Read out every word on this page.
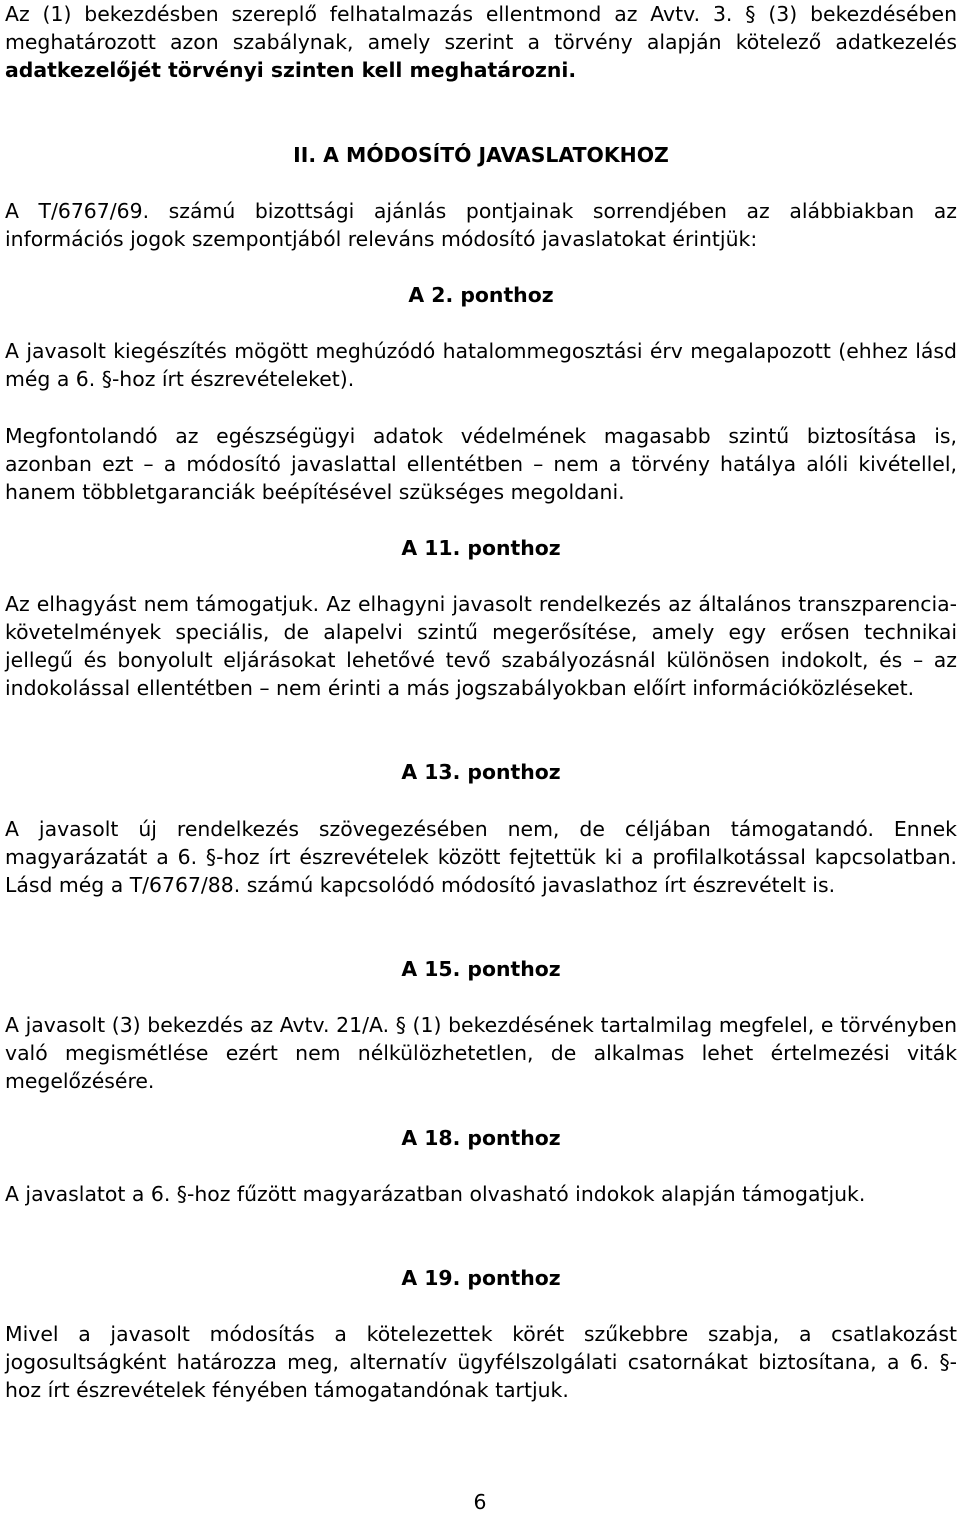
Az (1) bekezdésben szereplő felhatalmazás ellentmond az Avtv. 3. § (3) bekezdésében meghatározott azon szabálynak, amely szerint a törvény alapján kötelező adatkezelés adatkezelőjét törvényi szinten kell meghatározni.

II. A MÓDOSÍTÓ JAVASLATOKHOZ

A T/6767/69. számú bizottsági ajánlás pontjainak sorrendjében az alábbiakban az információs jogok szempontjából releváns módosító javaslatokat érintjük:

A 2. ponthoz

A javasolt kiegészítés mögött meghúzódó hatalommegosztási érv megalapozott (ehhez lásd még a 6. §-hoz írt észrevételeket).

Megfontolandó az egészségügyi adatok védelmének magasabb szintű biztosítása is, azonban ezt – a módosító javaslattal ellentétben – nem a törvény hatálya alóli kivétellel, hanem többletgaranciák beépítésével szükséges megoldani.

A 11. ponthoz

Az elhagyást nem támogatjuk. Az elhagyni javasolt rendelkezés az általános transzparencia-követelmények speciális, de alapelvi szintű megerősítése, amely egy erősen technikai jellegű és bonyolult eljárásokat lehetővé tevő szabályozásnál különösen indokolt, és – az indokolással ellentétben – nem érinti a más jogszabályokban előírt információközléseket.

A 13. ponthoz

A javasolt új rendelkezés szövegezésében nem, de céljában támogatandó. Ennek magyarázatát a 6. §-hoz írt észrevételek között fejtettük ki a profilalkotással kapcsolatban. Lásd még a T/6767/88. számú kapcsolódó módosító javaslathoz írt észrevételt is.

A 15. ponthoz

A javasolt (3) bekezdés az Avtv. 21/A. § (1) bekezdésének tartalmilag megfelel, e törvényben való megismétlése ezért nem nélkülözhetetlen, de alkalmas lehet értelmezési viták megelőzésére.

A 18. ponthoz

A javaslatot a 6. §-hoz fűzött magyarázatban olvasható indokok alapján támogatjuk.

A 19. ponthoz

Mivel a javasolt módosítás a kötelezettek körét szűkebbre szabja, a csatlakozást jogosultságként határozza meg, alternatív ügyfélszolgálati csatornákat biztosítana, a 6. §-hoz írt észrevételek fényében támogatandónak tartjuk.

6
